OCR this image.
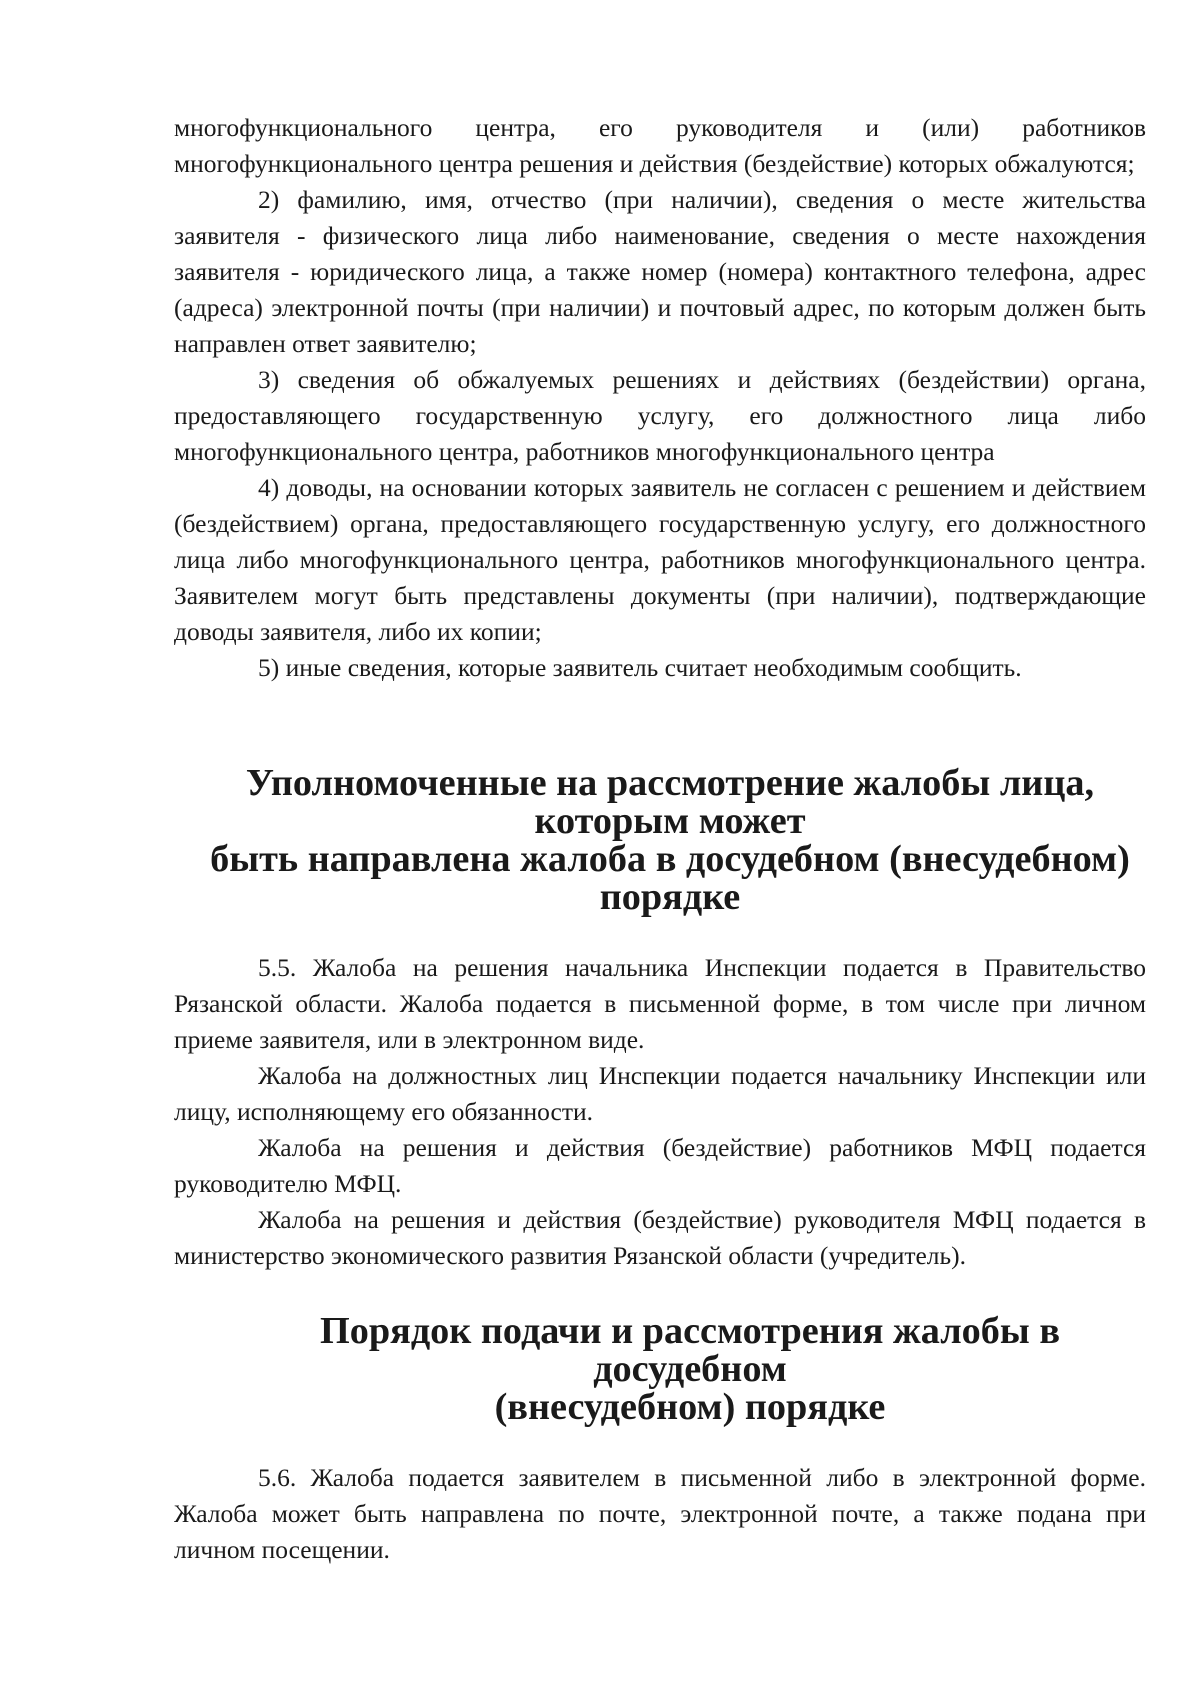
многофункционального центра, его руководителя и (или) работников многофункционального центра решения и действия (бездействие) которых обжалуются;

2) фамилию, имя, отчество (при наличии), сведения о месте жительства заявителя - физического лица либо наименование, сведения о месте нахождения заявителя - юридического лица, а также номер (номера) контактного телефона, адрес (адреса) электронной почты (при наличии) и почтовый адрес, по которым должен быть направлен ответ заявителю;

3) сведения об обжалуемых решениях и действиях (бездействии) органа, предоставляющего государственную услугу, его должностного лица либо многофункционального центра, работников многофункционального центра

4) доводы, на основании которых заявитель не согласен с решением и действием (бездействием) органа, предоставляющего государственную услугу, его должностного лица либо многофункционального центра, работников многофункционального центра. Заявителем могут быть представлены документы (при наличии), подтверждающие доводы заявителя, либо их копии;

5) иные сведения, которые заявитель считает необходимым сообщить.

Уполномоченные на рассмотрение жалобы лица, которым может
быть направлена жалоба в досудебном (внесудебном) порядке

5.5. Жалоба на решения начальника Инспекции подается в Правительство Рязанской области. Жалоба подается в письменной форме, в том числе при личном приеме заявителя, или в электронном виде.

Жалоба на должностных лиц Инспекции подается начальнику Инспекции или лицу, исполняющему его обязанности.

Жалоба на решения и действия (бездействие) работников МФЦ подается руководителю МФЦ.

Жалоба на решения и действия (бездействие) руководителя МФЦ подается в министерство экономического развития Рязанской области (учредитель).

Порядок подачи и рассмотрения жалобы в досудебном
(внесудебном) порядке

5.6. Жалоба подается заявителем в письменной либо в электронной форме. Жалоба может быть направлена по почте, электронной почте, а также подана при личном посещении.
